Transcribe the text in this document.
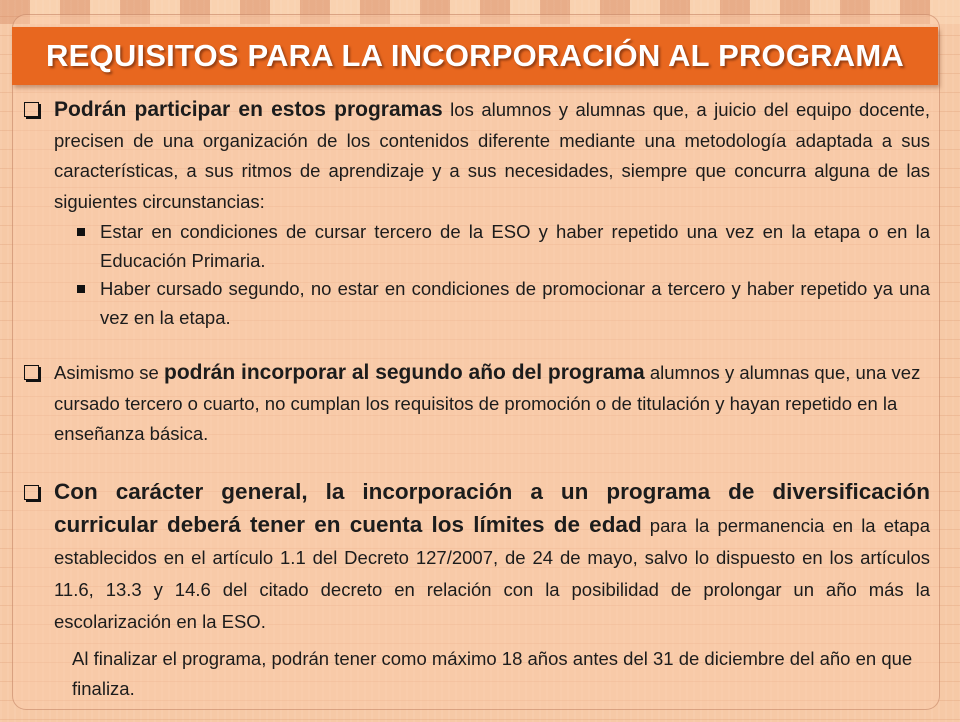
REQUISITOS PARA LA INCORPORACIÓN AL PROGRAMA

Podrán participar en estos programas los alumnos y alumnas que, a juicio del equipo docente, precisen de una organización de los contenidos diferente mediante una metodología adaptada a sus características, a sus ritmos de aprendizaje y a sus necesidades, siempre que concurra alguna de las siguientes circunstancias:

Estar en condiciones de cursar tercero de la ESO y haber repetido una vez en la etapa o en la Educación Primaria.
Haber cursado segundo, no estar en condiciones de promocionar a tercero y haber repetido ya una vez en la etapa.

Asimismo se podrán incorporar al segundo año del programa alumnos y alumnas que, una vez cursado tercero o cuarto, no cumplan los requisitos de promoción o de titulación y hayan repetido en la enseñanza básica.

Con carácter general, la incorporación a un programa de diversificación curricular deberá tener en cuenta los límites de edad para la permanencia en la etapa establecidos en el artículo 1.1 del Decreto 127/2007, de 24 de mayo, salvo lo dispuesto en los artículos 11.6, 13.3 y 14.6 del citado decreto en relación con la posibilidad de prolongar un año más la escolarización en la ESO.

Al finalizar el programa, podrán tener como máximo 18 años antes del 31 de diciembre del año en que finaliza.
